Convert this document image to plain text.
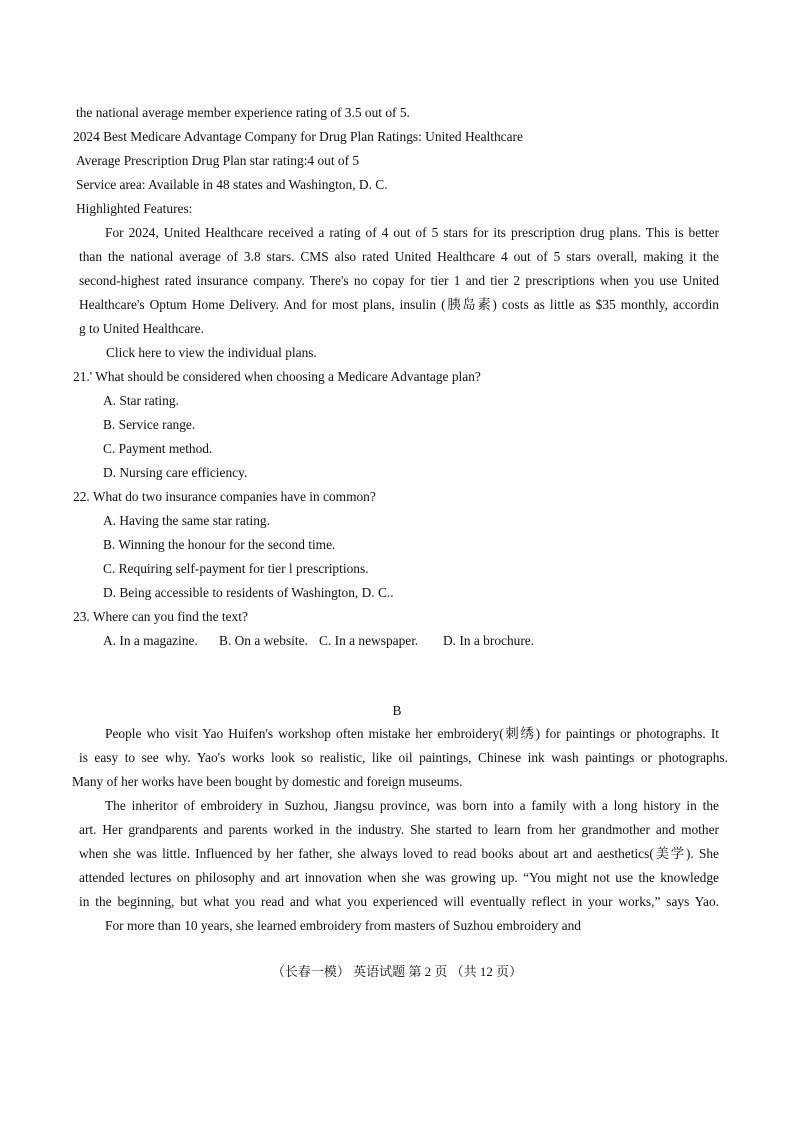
the national average member experience rating of 3.5 out of 5.
2024 Best Medicare Advantage Company for Drug Plan Ratings: United Healthcare
Average Prescription Drug Plan star rating:4 out of 5
Service area: Available in 48 states and Washington, D. C.
Highlighted Features:
For 2024, United Healthcare received a rating of 4 out of 5 stars for its prescription drug plans. This is better
than the national average of 3.8 stars. CMS also rated United Healthcare 4 out of 5 stars overall, making it the
second-highest rated insurance company. There's no copay for tier 1 and tier 2 prescriptions when you use United
Healthcare's Optum Home Delivery. And for most plans, insulin (胰岛素) costs as little as $35 monthly, accordin
g to United Healthcare.
Click here to view the individual plans.
21.' What should be considered when choosing a Medicare Advantage plan?
A. Star rating.
B. Service range.
C. Payment method.
D. Nursing care efficiency.
22. What do two insurance companies have in common?
A. Having the same star rating.
B. Winning the honour for the second time.
C. Requiring self-payment for tier l prescriptions.
D. Being accessible to residents of Washington, D. C..
23. Where can you find the text?
A. In a magazine. B. On a website. C. In a newspaper. D. In a brochure.
B
People who visit Yao Huifen's workshop often mistake her embroidery(刺绣) for paintings or photographs. It
is easy to see why. Yao's works look so realistic, like oil paintings, Chinese ink wash paintings or photographs.
Many of her works have been bought by domestic and foreign museums.
The inheritor of embroidery in Suzhou, Jiangsu province, was born into a family with a long history in the
art. Her grandparents and parents worked in the industry. She started to learn from her grandmother and mother
when she was little. Influenced by her father, she always loved to read books about art and aesthetics(美学). She
attended lectures on philosophy and art innovation when she was growing up. “You might not use the knowledge
in the beginning, but what you read and what you experienced will eventually reflect in your works,” says Yao.
For more than 10 years, she learned embroidery from masters of Suzhou embroidery and
（长春一模） 英语试题 第 2 页 （共 12 页）
